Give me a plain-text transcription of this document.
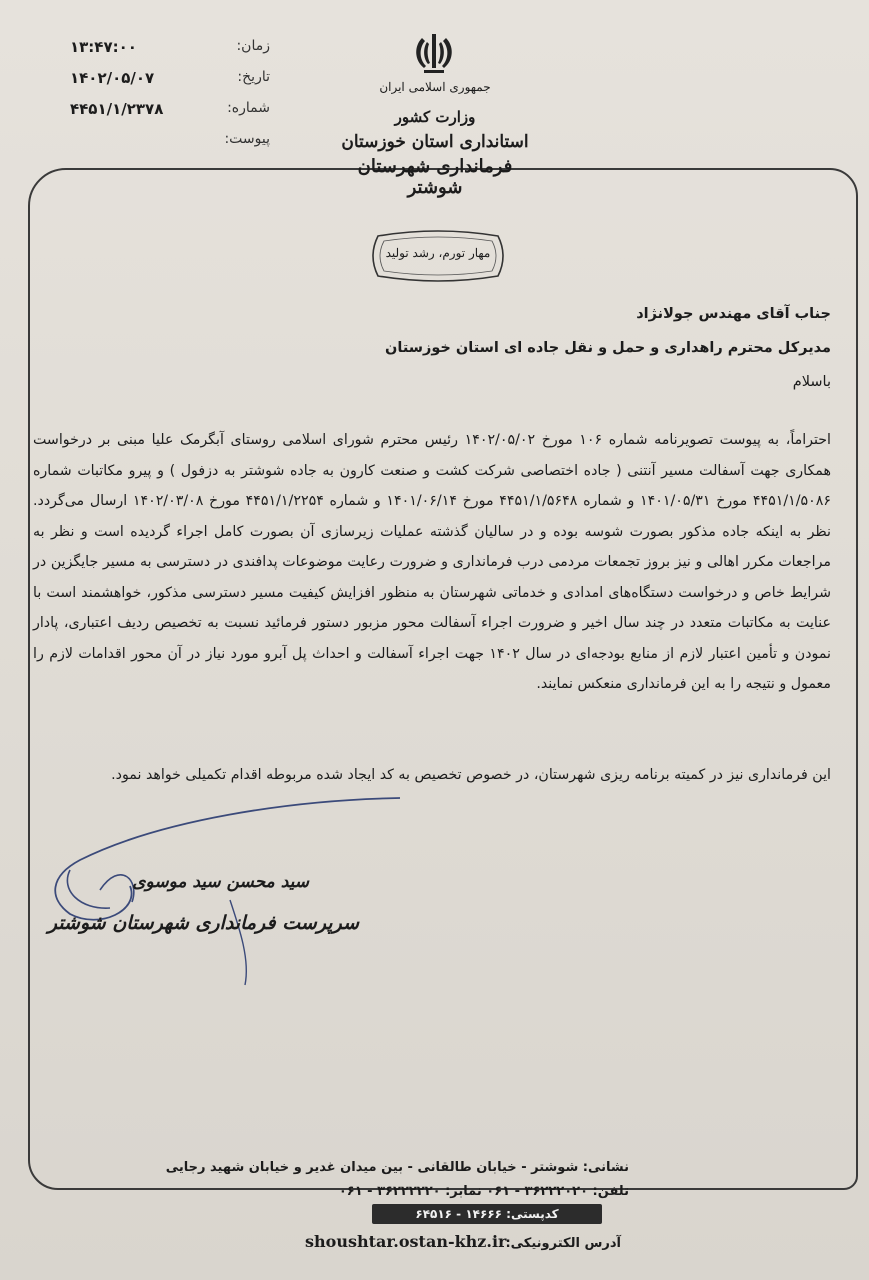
زمان:
۱۳:۴۷:۰۰
تاریخ:
۱۴۰۲/۰۵/۰۷
شماره:
۴۴۵۱/۱/۲۳۷۸
پیوست:
جمهوری اسلامی ایران
وزارت کشور
استانداری استان خوزستان
فرمانداری شهرستان شوشتر
مهار تورم، رشد تولید
جناب آقای مهندس جولانژاد
مدیرکل محترم راهداری و حمل و نقل جاده ای استان خوزستان
باسلام
احتراماً، به پیوست تصویرنامه شماره ۱۰۶ مورخ ۱۴۰۲/۰۵/۰۲ رئیس محترم شورای اسلامی روستای آبگرمک علیا مبنی بر درخواست همکاری جهت آسفالت مسیر آنتنی ( جاده اختصاصی شرکت کشت و صنعت کارون به جاده شوشتر به دزفول ) و پیرو مکاتبات شماره ۴۴۵۱/۱/۵۰۸۶ مورخ ۱۴۰۱/۰۵/۳۱ و شماره ۴۴۵۱/۱/۵۶۴۸ مورخ ۱۴۰۱/۰۶/۱۴ و شماره ۴۴۵۱/۱/۲۲۵۴ مورخ ۱۴۰۲/۰۳/۰۸ ارسال می‌گردد. نظر به اینکه جاده مذکور بصورت شوسه بوده و در سالیان گذشته عملیات زیرسازی آن بصورت کامل اجراء گردیده است و نظر به مراجعات مکرر اهالی و نیز بروز تجمعات مردمی درب فرمانداری و ضرورت رعایت موضوعات پدافندی در دسترسی به مسیر جایگزین در شرایط خاص و درخواست دستگاه‌های امدادی و خدماتی شهرستان به منظور افزایش کیفیت مسیر دسترسی مذکور، خواهشمند است با عنایت به مکاتبات متعدد در چند سال اخیر و ضرورت اجراء آسفالت محور مزبور دستور فرمائید نسبت به تخصیص ردیف اعتباری، پادار نمودن و تأمین اعتبار لازم از منابع بودجه‌ای در سال ۱۴۰۲ جهت اجراء آسفالت و احداث پل آبرو مورد نیاز در آن محور اقدامات لازم را معمول و نتیجه را به این فرمانداری منعکس نمایند.
این فرمانداری نیز در کمیته برنامه ریزی شهرستان، در خصوص تخصیص به کد ایجاد شده مربوطه اقدام تکمیلی خواهد نمود.
سید محسن سید موسوی
سرپرست فرمانداری شهرستان شوشتر
نشانی: شوشتر - خیابان طالقانی - بین میدان غدیر و خیابان شهید رجایی
تلفن: ۳۶۲۲۲۰۲۰ - ۰۶۱ نمابر: ۳۶۲۲۲۲۲۰ - ۰۶۱
کدپستی: ۱۴۶۶۶ - ۶۴۵۱۶
آدرس الکترونیکی:
shoushtar.ostan-khz.ir
